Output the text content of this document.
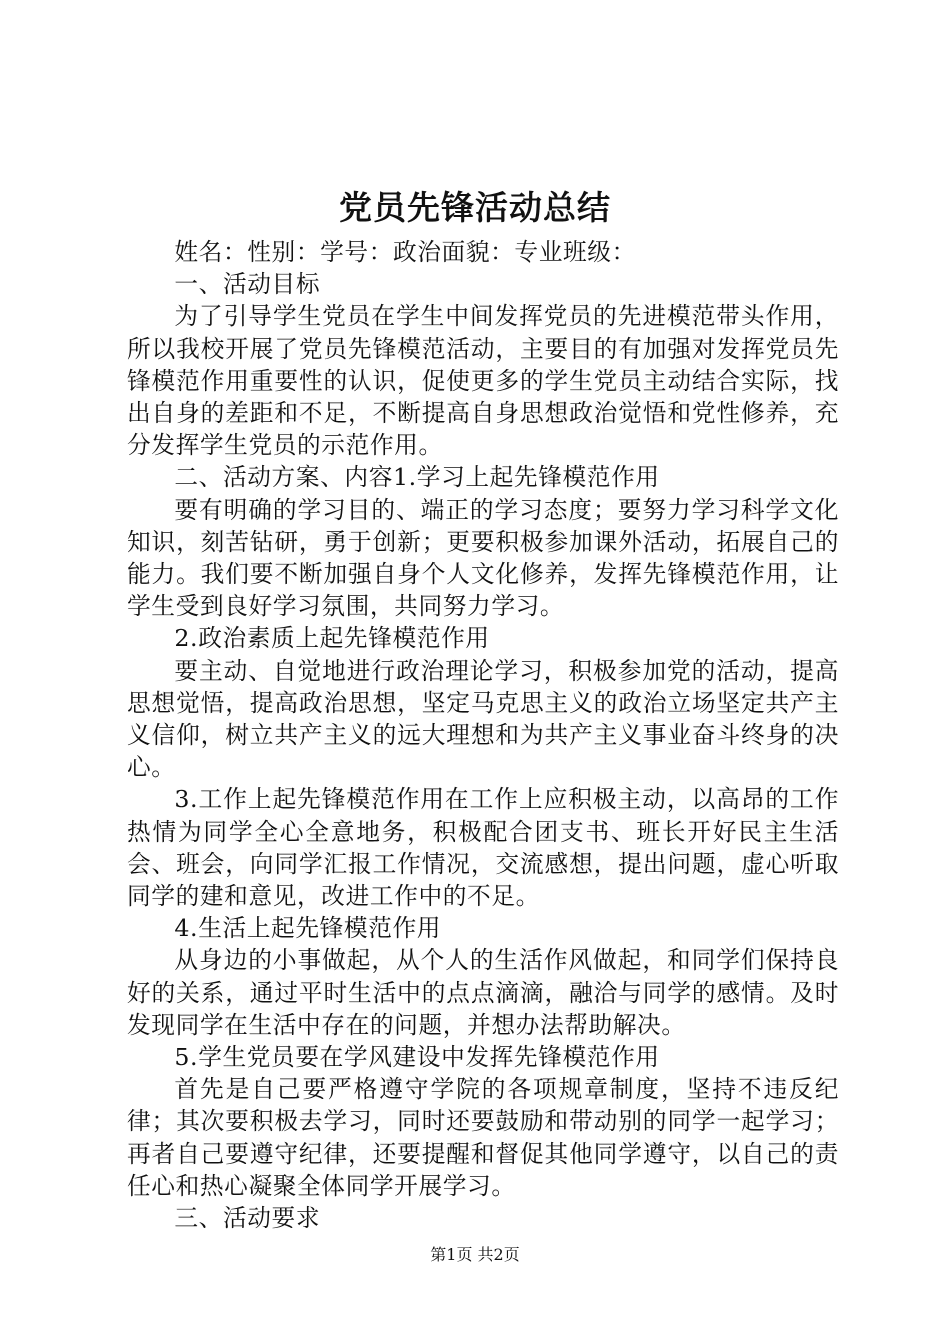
党员先锋活动总结

姓名：性别：学号：政治面貌：专业班级：

一、活动目标

为了引导学生党员在学生中间发挥党员的先进模范带头作用，所以我校开展了党员先锋模范活动，主要目的有加强对发挥党员先锋模范作用重要性的认识，促使更多的学生党员主动结合实际，找出自身的差距和不足，不断提高自身思想政治觉悟和党性修养，充分发挥学生党员的示范作用。

二、活动方案、内容1.学习上起先锋模范作用

要有明确的学习目的、端正的学习态度；要努力学习科学文化知识，刻苦钻研，勇于创新；更要积极参加课外活动，拓展自己的能力。我们要不断加强自身个人文化修养，发挥先锋模范作用，让学生受到良好学习氛围，共同努力学习。

2.政治素质上起先锋模范作用

要主动、自觉地进行政治理论学习，积极参加党的活动，提高思想觉悟，提高政治思想，坚定马克思主义的政治立场坚定共产主义信仰，树立共产主义的远大理想和为共产主义事业奋斗终身的决心。

3.工作上起先锋模范作用在工作上应积极主动，以高昂的工作热情为同学全心全意地务，积极配合团支书、班长开好民主生活会、班会，向同学汇报工作情况，交流感想，提出问题，虚心听取同学的建和意见，改进工作中的不足。

4.生活上起先锋模范作用

从身边的小事做起，从个人的生活作风做起，和同学们保持良好的关系，通过平时生活中的点点滴滴，融洽与同学的感情。及时发现同学在生活中存在的问题，并想办法帮助解决。

5.学生党员要在学风建设中发挥先锋模范作用

首先是自己要严格遵守学院的各项规章制度，坚持不违反纪律；其次要积极去学习，同时还要鼓励和带动别的同学一起学习；再者自己要遵守纪律，还要提醒和督促其他同学遵守，以自己的责任心和热心凝聚全体同学开展学习。

三、活动要求

第1页 共2页
